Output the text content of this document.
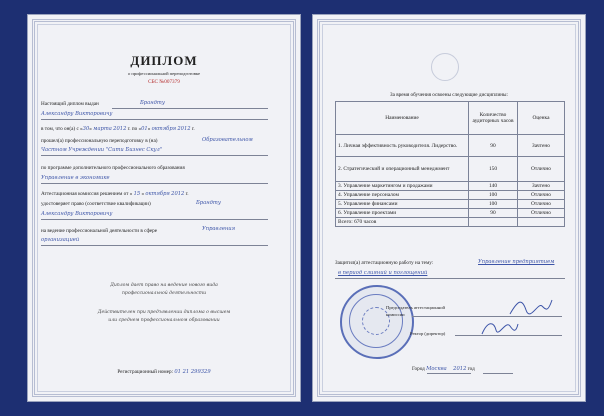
ДИПЛОМ
о профессиональной переподготовке
СБС №007379
Настоящий диплом выдан	Брандту
Александру Викторовичу
в том, что он(а) с «30» марта 2012 г. по «01» октября 2012 г.
прошел(а) профессиональную переподготовку в (на)	Образовательном
Частном Учреждении "Сити Бизнес Скул"
по программе дополнительного профессионального образования
Управление в экономике
Аттестационная комиссия решением от « 15 » октября 2012 г.
удостоверяет право (соответствие квалификации)	Брандту
Александру Викторовичу
на ведение профессиональной деятельности в сфере	Управления
организацией
Диплом дает право на ведение нового вида
профессиональной деятельности
Действителен при предъявлении диплома о высшем
или среднем профессиональном образовании
Регистрационный номер: 01 21 299329
За время обучения освоены следующие дисциплины:
Наименование	Количество аудиторных часов	Оценка
1. Личная эффективность руководителя. Лидерство.	90	Зачтено
2. Стратегический и операционный менеджмент	150	Отлично
3. Управление маркетингом и продажами	140	Зачтено
4. Управление персоналом	100	Отлично
5. Управление финансами	100	Отлично
6. Управление проектами	90	Отлично
Всего: 670 часов		
Защитил(а) аттестационную работу на тему:	Управление предприятием
в период слияний и поглощений
Председатель аттестационной
комиссии
Ректор (директор)
Город Москва 2012 год
